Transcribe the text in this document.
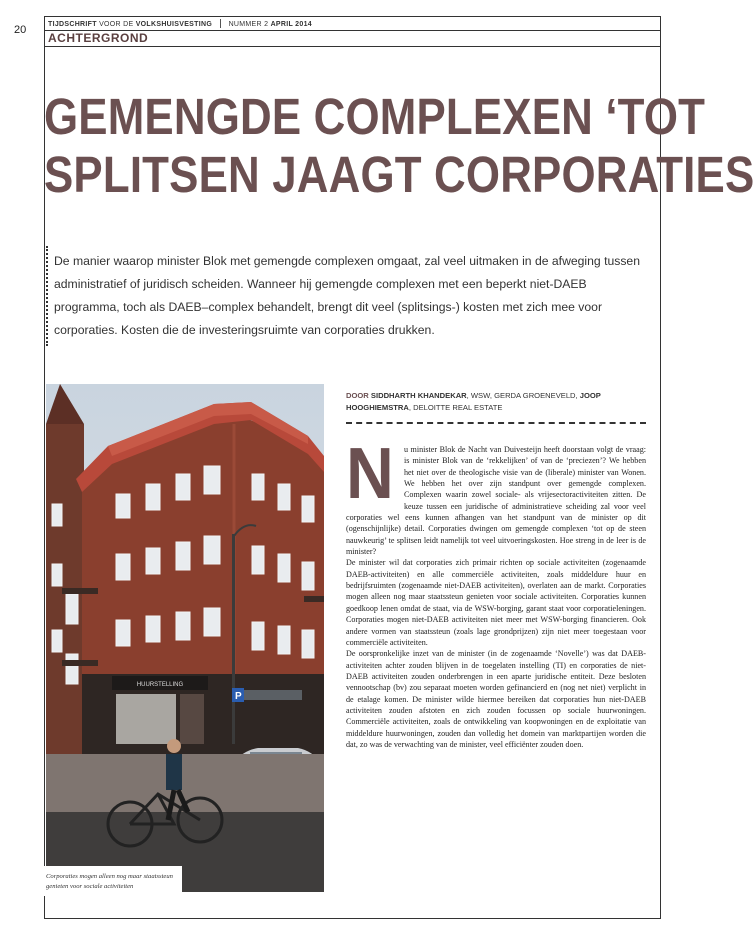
20	TIJDSCHRIFT VOOR DE VOLKSHUISVESTING NUMMER 2 APRIL 2014
ACHTERGROND
GEMENGDE COMPLEXEN ‘TOT
SPLITSEN JAAGT CORPORATIES

De manier waarop minister Blok met gemengde complexen omgaat, zal veel uitmaken in de afweging tussen administratief of juridisch scheiden. Wanneer hij gemengde complexen met een beperkt niet-DAEB programma, toch als DAEB–complex behandelt, brengt dit veel (splitsings-) kosten met zich mee voor corporaties. Kosten die de investeringsruimte van corporaties drukken.

HUURSTELLING
P
Corporaties mogen alleen nog maar staatssteun genieten voor sociale activiteiten
DOOR SIDDHARTH KHANDEKAR, WSW, GERDA GROENEVELD, JOOP HOOGHIEMSTRA, DELOITTE REAL ESTATE
N	u minister Blok de Nacht van Duivesteijn heeft doorstaan volgt de vraag: is minister Blok van de ‘rekkelijken’ of van de ‘preciezen’? We hebben het niet over de theologische visie van de (liberale) minister van Wonen. We hebben het over zijn standpunt over gemengde complexen. Complexen waarin zowel sociale- als vrijesectoractiviteiten zitten. De keuze tussen een juridische of administratieve scheiding zal voor veel corporaties wel eens kunnen afhangen van het standpunt van de minister op dit (ogenschijnlijke) detail. Corporaties dwingen om gemengde complexen ‘tot op de steen nauwkeurig’ te splitsen leidt namelijk tot veel uitvoeringskosten. Hoe streng in de leer is de minister?

De minister wil dat corporaties zich primair richten op sociale activiteiten (zogenaamde DAEB-activiteiten) en alle commerciële activiteiten, zoals middeldure huur en bedrijfsruimten (zogenaamde niet-DAEB activiteiten), overlaten aan de markt. Corporaties mogen alleen nog maar staatssteun genieten voor sociale activiteiten. Corporaties kunnen goedkoop lenen omdat de staat, via de WSW-borging, garant staat voor corporatieleningen. Corporaties mogen niet-DAEB activiteiten niet meer met WSW-borging financieren. Ook andere vormen van staatssteun (zoals lage grondprijzen) zijn niet meer toegestaan voor commerciële activiteiten.

De oorspronkelijke inzet van de minister (in de zogenaamde ‘Novelle’) was dat DAEB-activiteiten achter zouden blijven in de toegelaten instelling (TI) en corporaties de niet-DAEB activiteiten zouden onderbrengen in een aparte juridische entiteit. Deze besloten vennootschap (bv) zou separaat moeten worden gefinancierd en (nog net niet) verplicht in de etalage komen. De minister wilde hiermee bereiken dat corporaties hun niet-DAEB activiteiten zouden afstoten en zich zouden focussen op sociale huurwoningen. Commerciële activiteiten, zoals de ontwikkeling van koopwoningen en de exploitatie van middeldure huurwoningen, zouden dan volledig het domein van marktpartijen worden die dat, zo was de verwachting van de minister, veel efficiënter zouden doen.
